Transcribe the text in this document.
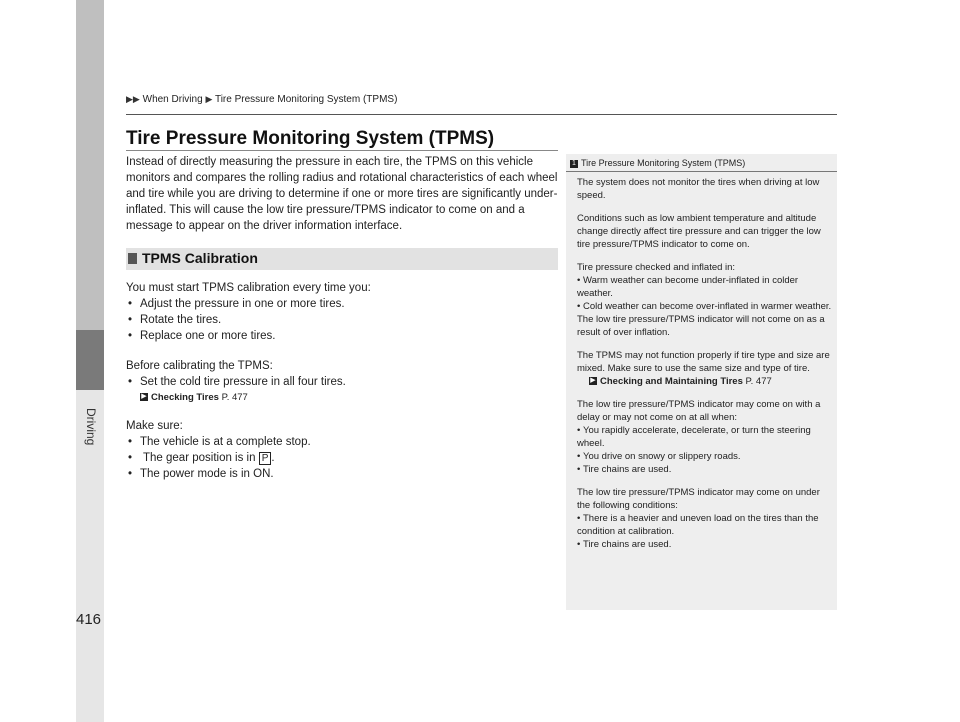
Driving
▶▶ When Driving ▶ Tire Pressure Monitoring System (TPMS)
Tire Pressure Monitoring System (TPMS)

Instead of directly measuring the pressure in each tire, the TPMS on this vehicle monitors and compares the rolling radius and rotational characteristics of each wheel and tire while you are driving to determine if one or more tires are significantly under-inflated. This will cause the low tire pressure/TPMS indicator to come on and a message to appear on the driver information interface.

TPMS Calibration

You must start TPMS calibration every time you:

• Adjust the pressure in one or more tires.

• Rotate the tires.

• Replace one or more tires.

Before calibrating the TPMS:

• Set the cold tire pressure in all four tires.

▶ Checking Tires P. 477

Make sure:

• The vehicle is at a complete stop.

• The gear position is in P .

• The power mode is in ON.

1 Tire Pressure Monitoring System (TPMS)

The system does not monitor the tires when driving at low speed.

Conditions such as low ambient temperature and altitude change directly affect tire pressure and can trigger the low tire pressure/TPMS indicator to come on.

Tire pressure checked and inflated in:

• Warm weather can become under-inflated in colder weather.

• Cold weather can become over-inflated in warmer weather.

The low tire pressure/TPMS indicator will not come on as a result of over inflation.

The TPMS may not function properly if tire type and size are mixed. Make sure to use the same size and type of tire.

▶ Checking and Maintaining Tires P. 477

The low tire pressure/TPMS indicator may come on with a delay or may not come on at all when:

• You rapidly accelerate, decelerate, or turn the steering wheel.

• You drive on snowy or slippery roads.

• Tire chains are used.

The low tire pressure/TPMS indicator may come on under the following conditions:

• There is a heavier and uneven load on the tires than the condition at calibration.

• Tire chains are used.

416
